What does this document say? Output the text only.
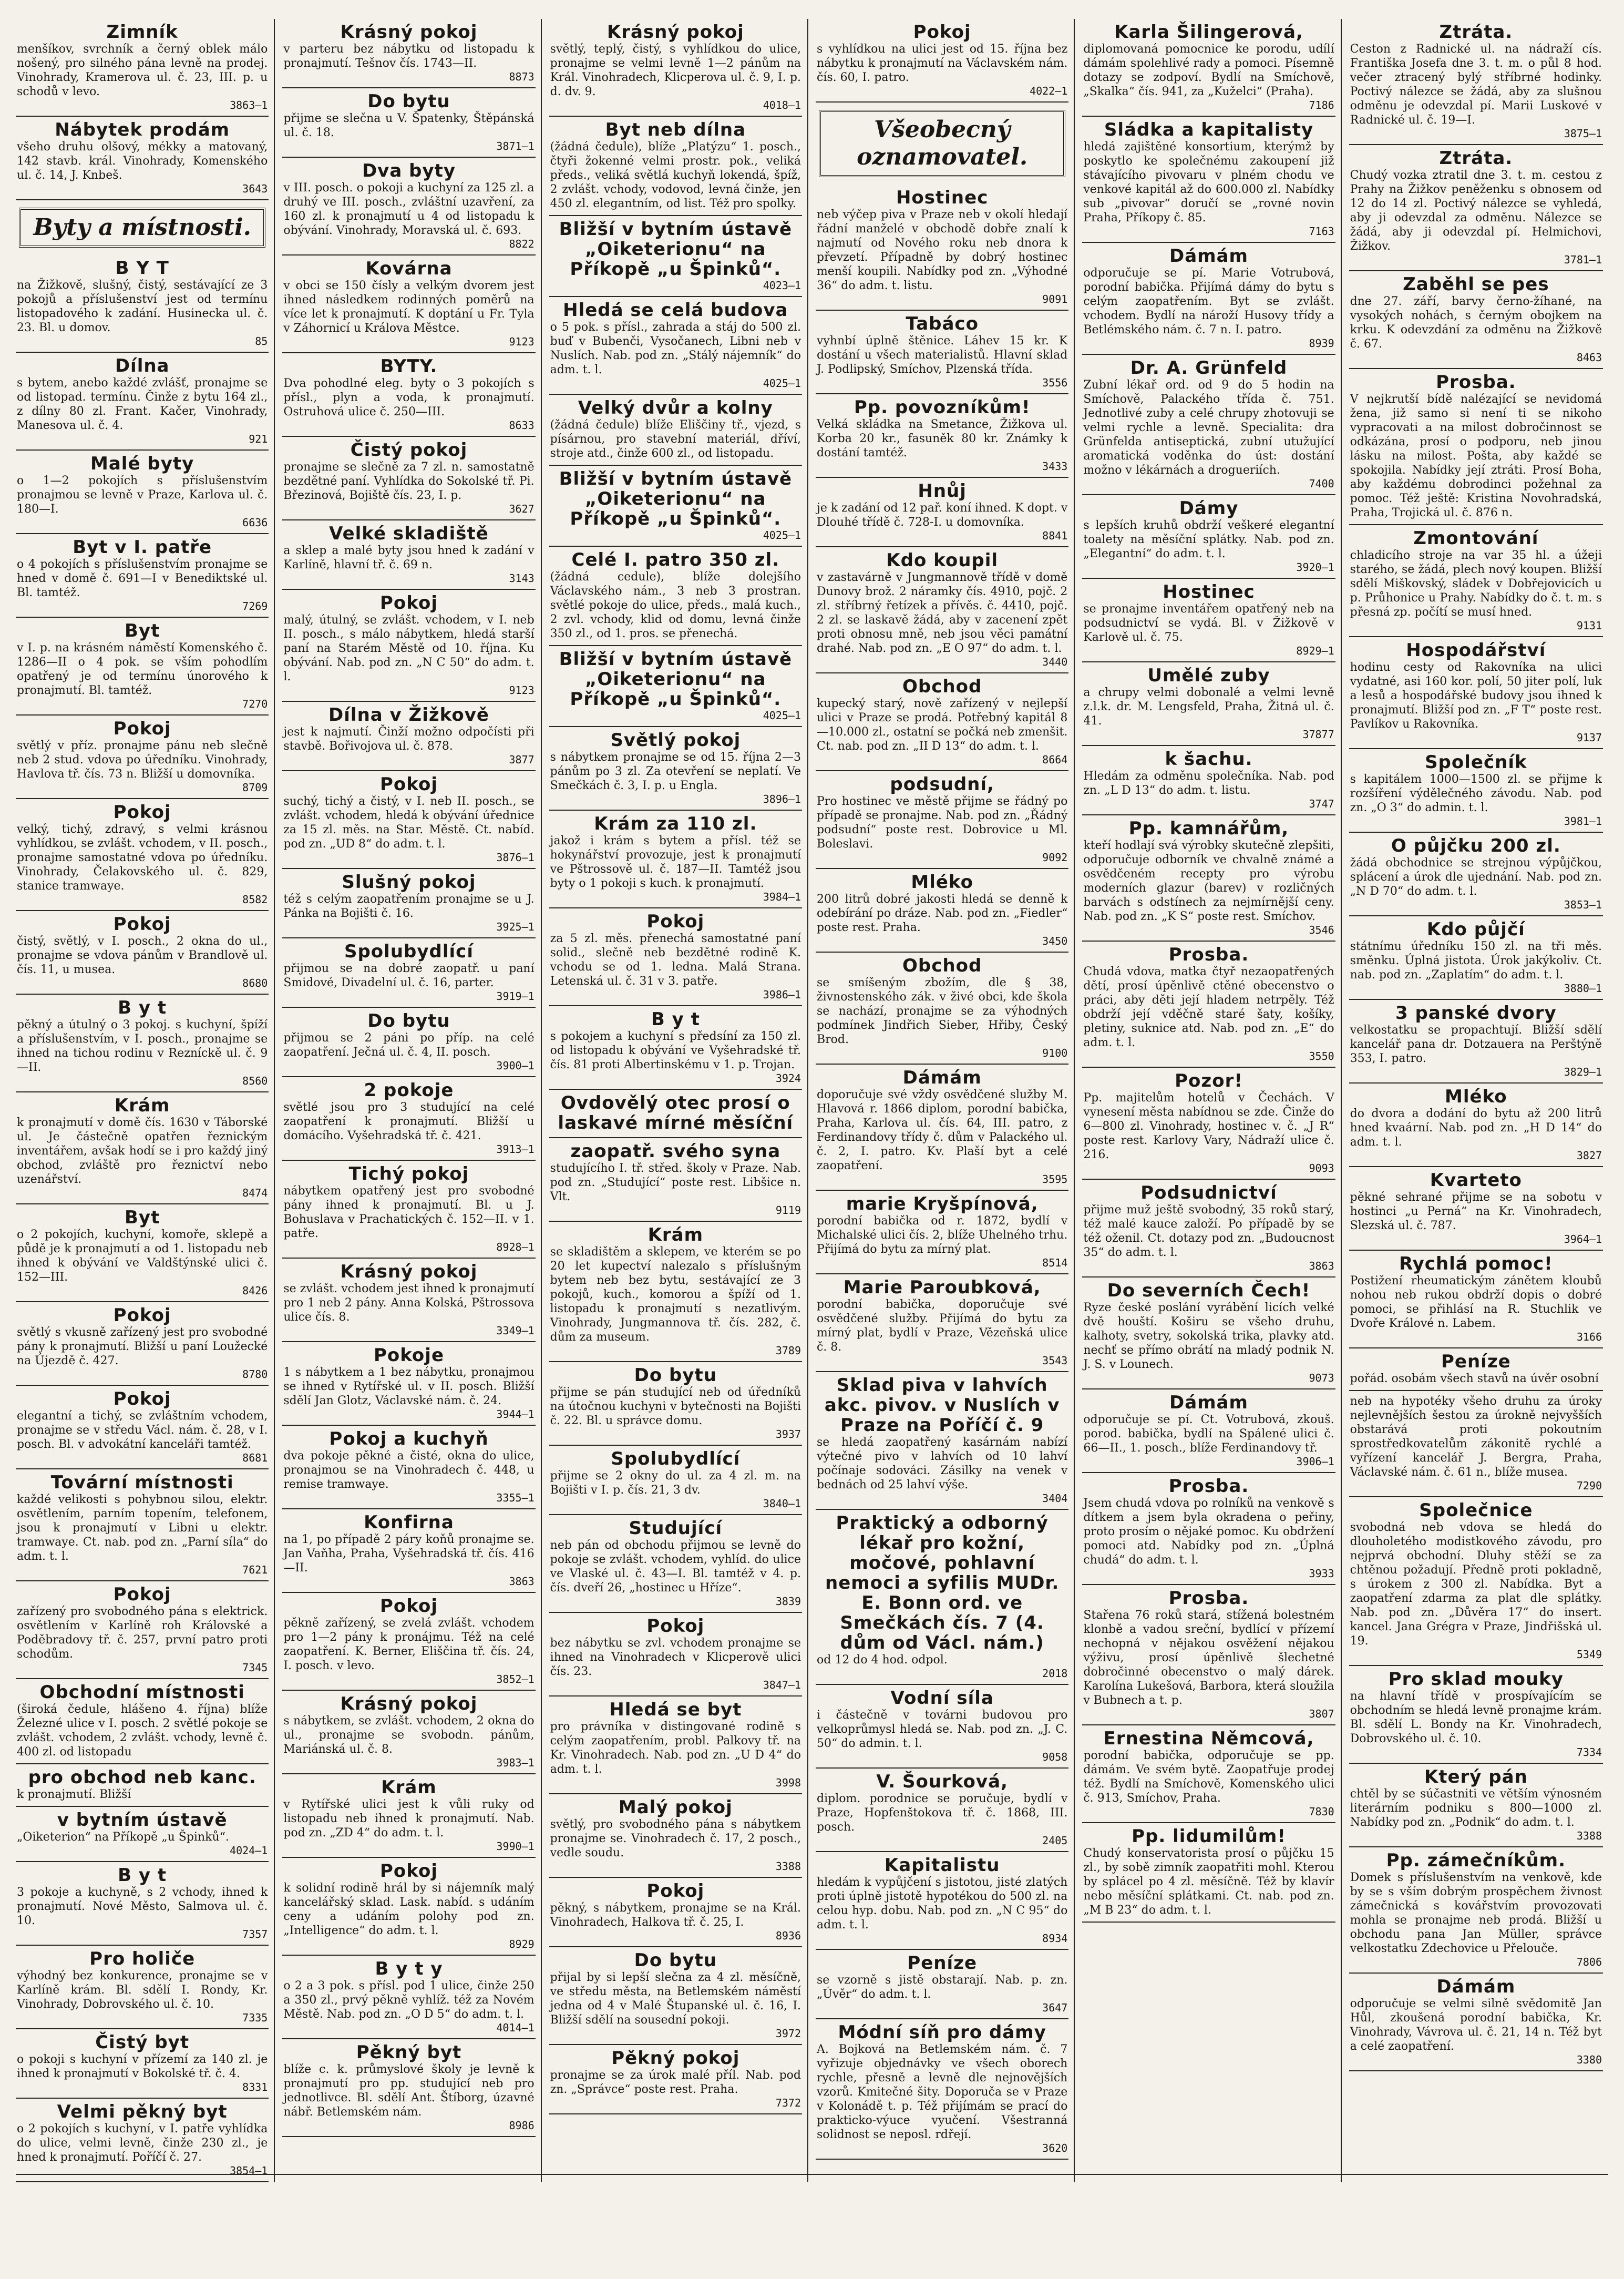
Zimník
menšíkov, svrchník a černý oblek málo nošený, pro silného pána levně na prodej. Vinohrady, Kramerova ul. č. 23, III. p. u schodů v levo.
3863—1
Nábytek prodám
všeho druhu olšový, mékky a matovaný, 142 stavb. král. Vinohrady, Komenského ul. č. 14, J. Knbeš.
3643
Byty a místnosti.
B Y T
na Žižkově, slušný, čistý, sestávající ze 3 pokojů a příslušenství jest od termínu listopadového k zadání. Husinecka ul. č. 23. Bl. u domov.
85
Dílna
s bytem, anebo každé zvlášť, pronajme se od listopad. termínu. Činže z bytu 164 zl., z dílny 80 zl. Frant. Kačer, Vinohrady, Manesova ul. č. 4.
921
Malé byty
o 1—2 pokojích s příslušenstvím pronajmou se levně v Praze, Karlova ul. č. 180—I.
6636
Byt v I. patře
o 4 pokojích s příslušenstvím pronajme se hned v domě č. 691—I v Benediktské ul. Bl. tamtéž.
7269
Byt
v I. p. na krásném náměstí Komenského č. 1286—II o 4 pok. se vším pohodlím opatřený je od termínu únorového k pronajmutí. Bl. tamtéž.
7270
Pokoj
světlý v příz. pronajme pánu neb slečně neb 2 stud. vdova po úředníku. Vinohrady, Havlova tř. čís. 73 n. Bližší u domovníka.
8709
Pokoj
velký, tichý, zdravý, s velmi krásnou vyhlídkou, se zvlášt. vchodem, v II. posch., pronajme samostatné vdova po úředníku. Vinohrady, Čelakovského ul. č. 829, stanice tramwaye.
8582
Pokoj
čistý, světlý, v I. posch., 2 okna do ul., pronajme se vdova pánům v Brandlově ul. čís. 11, u musea.
8680
B y t
pěkný a útulný o 3 pokoj. s kuchyní, špíží a příslušenstvím, v I. posch., pronajme se ihned na tichou rodinu v Rezníckě ul. č. 9—II.
8560
Krám
k pronajmutí v domě čís. 1630 v Táborské ul. Je částečně opatřen řeznickým inventářem, avšak hodí se i pro každý jiný obchod, zvláště pro řeznictví nebo uzenářství.
8474
Byt
o 2 pokojích, kuchyní, komoře, sklepě a půdě je k pronajmutí a od 1. listopadu neb ihned k obývání ve Valdštýnské ulici č. 152—III.
8426
Pokoj
světlý s vkusně zařízený jest pro svobodné pány k pronajmutí. Bližší u paní Loužecké na Újezdě č. 427.
8780
Pokoj
elegantní a tichý, se zvláštním vchodem, pronajme se v středu Václ. nám. č. 28, v I. posch. Bl. v advokátní kanceláři tamtéž.
8681
Tovární místnosti
každé velikosti s pohybnou silou, elektr. osvětlením, parním topením, telefonem, jsou k pronajmutí v Libni u elektr. tramwaye. Ct. nab. pod zn. „Parní síla“ do adm. t. l.
7621
Pokoj
zařízený pro svobodného pána s elektrick. osvětlením v Karlíně roh Královské a Poděbradovy tř. č. 257, první patro proti schodům.
7345
Obchodní místnosti
(široká čedule, hlášeno 4. října) blíže Železné ulice v I. posch. 2 světlé pokoje se zvlášt. vchodem, 2 zvlášt. vchody, levně č. 400 zl. od listopadu
pro obchod neb kanc.
k pronajmutí. Bližší
v bytním ústavě
„Oiketerion“ na Příkopě „u Špinků“.
4024—1
B y t
3 pokoje a kuchyně, s 2 vchody, ihned k pronajmutí. Nové Město, Salmova ul. č. 10.
7357
Pro holiče
výhodný bez konkurence, pronajme se v Karlíně krám. Bl. sdělí I. Rondy, Kr. Vinohrady, Dobrovského ul. č. 10.
7335
Čistý byt
o pokoji s kuchyní v přízemí za 140 zl. je ihned k pronajmutí v Bokolské tř. č. 4.
8331
Velmi pěkný byt
o 2 pokojích s kuchyní, v I. patře vyhlídka do ulice, velmi levně, činže 230 zl., je hned k pronajmutí. Poříčí č. 27.
3854—1
Krásný pokoj
v parteru bez nábytku od listopadu k pronajmutí. Tešnov čís. 1743—II.
8873
Do bytu
přijme se slečna u V. Špatenky, Štěpánská ul. č. 18.
3871—1
Dva byty
v III. posch. o pokoji a kuchyní za 125 zl. a druhý ve III. posch., zvláštní uzavření, za 160 zl. k pronajmutí u 4 od listopadu k obývání. Vinohrady, Moravská ul. č. 693.
8822
Kovárna
v obci se 150 čísly a velkým dvorem jest ihned následkem rodinných poměrů na více let k pronajmutí. K doptání u Fr. Tyla v Záhornicí u Králova Městce.
9123
BYTY.
Dva pohodlné eleg. byty o 3 pokojích s přísl., plyn a voda, k pronajmutí. Ostruhová ulice č. 250—III.
8633
Čistý pokoj
pronajme se slečně za 7 zl. n. samostatně bezdětné paní. Vyhlídka do Sokolské tř. Pi. Březinová, Bojiště čís. 23, I. p.
3627
Velké skladiště
a sklep a malé byty jsou hned k zadání v Karlíně, hlavní tř. č. 69 n.
3143
Pokoj
malý, útulný, se zvlášt. vchodem, v I. neb II. posch., s málo nábytkem, hledá starší paní na Starém Městě od 10. října. Ku obývání. Nab. pod zn. „N C 50“ do adm. t. l.
9123
Dílna v Žižkově
jest k najmutí. Činží možno odpočísti při stavbě. Bořivojova ul. č. 878.
3877
Pokoj
suchý, tichý a čistý, v I. neb II. posch., se zvlášt. vchodem, hledá k obývání úřednice za 15 zl. měs. na Star. Městě. Ct. nabíd. pod zn. „UD 8“ do adm. t. l.
3876—1
Slušný pokoj
též s celým zaopatřením pronajme se u J. Pánka na Bojišti č. 16.
3925—1
Spolubydlící
přijmou se na dobré zaopatř. u paní Smidové, Divadelní ul. č. 16, parter.
3919—1
Do bytu
přijmou se 2 páni po příp. na celé zaopatření. Ječná ul. č. 4, II. posch.
3900—1
2 pokoje
světlé jsou pro 3 studující na celé zaopatření k pronajmutí. Bližší u domácího. Vyšehradská tř. č. 421.
3913—1
Tichý pokoj
nábytkem opatřený jest pro svobodné pány ihned k pronajmutí. Bl. u J. Bohuslava v Prachatických č. 152—II. v 1. patře.
8928—1
Krásný pokoj
se zvlášt. vchodem jest ihned k pronajmutí pro 1 neb 2 pány. Anna Kolská, Pštrossova ulice čís. 8.
3349—1
Pokoje
1 s nábytkem a 1 bez nábytku, pronajmou se ihned v Rytířské ul. v II. posch. Bližší sdělí Jan Glotz, Václavské nám. č. 24.
3944—1
Pokoj a kuchyň
dva pokoje pěkné a čisté, okna do ulice, pronajmou se na Vinohradech č. 448, u remise tramwaye.
3355—1
Konfirna
na 1, po případě 2 páry koňů pronajme se. Jan Vaňha, Praha, Vyšehradská tř. čís. 416—II.
3863
Pokoj
pěkně zařízený, se zvelá zvlášt. vchodem pro 1—2 pány k pronájmu. Též na celé zaopatření. K. Berner, Eliščina tř. čís. 24, I. posch. v levo.
3852—1
Krásný pokoj
s nábytkem, se zvlášt. vchodem, 2 okna do ul., pronajme se svobodn. pánům, Mariánská ul. č. 8.
3983—1
Krám
v Rytířské ulici jest k vůli ruky od listopadu neb ihned k pronajmutí. Nab. pod zn. „ZD 4“ do adm. t. l.
3990—1
Pokoj
k solidní rodině hrál by si nájemník malý kancelářský sklad. Lask. nabíd. s udáním ceny a udáním polohy pod zn. „Intelligence“ do adm. t. l.
8929
B y t y
o 2 a 3 pok. s přísl. pod 1 ulice, činže 250 a 350 zl., prvý pěkně vyhlíž. též za Novém Městě. Nab. pod zn. „O D 5“ do adm. t. l.
4014—1
Pěkný byt
blíže c. k. průmyslové školy je levně k pronajmutí pro pp. studující neb pro jednotlivce. Bl. sdělí Ant. Štíborg, úzavné nábř. Betlemském nám.
8986
Krásný pokoj
světlý, teplý, čistý, s vyhlídkou do ulice, pronajme se velmi levně 1—2 pánům na Král. Vinohradech, Klicperova ul. č. 9, I. p. d. dv. 9.
4018—1
Byt neb dílna
(žádná čedule), blíže „Platýzu“ 1. posch., čtyři žokenné velmi prostr. pok., veliká předs., veliká světlá kuchyň lokendá, špíž, 2 zvlášt. vchody, vodovod, levná činže, jen 450 zl. elegantním, od list. Též pro spolky.
Bližší v bytním ústavě „Oiketerionu“ na Příkopě „u Špinků“.
4023—1
Hledá se celá budova
o 5 pok. s přísl., zahrada a stáj do 500 zl. buď v Bubenči, Vysočanech, Libni neb v Nuslích. Nab. pod zn. „Stálý nájemník“ do adm. t. l.
4025—1
Velký dvůr a kolny
(žádná čedule) blíže Eliščiny tř., vjezd, s písárnou, pro stavební materiál, dříví, stroje atd., činže 600 zl., od listopadu.
Bližší v bytním ústavě „Oiketerionu“ na Příkopě „u Špinků“.
4025—1
Celé I. patro 350 zl.
(žádná cedule), blíže dolejšího Václavského nám., 3 neb 3 prostran. světlé pokoje do ulice, předs., malá kuch., 2 zvl. vchody, klid od domu, levná činže 350 zl., od 1. pros. se přenechá.
Bližší v bytním ústavě „Oiketerionu“ na Příkopě „u Špinků“.
4025—1
Světlý pokoj
s nábytkem pronajme se od 15. října 2—3 pánům po 3 zl. Za otevření se neplatí. Ve Smečkách č. 3, I. p. u Engla.
3896—1
Krám za 110 zl.
jakož i krám s bytem a přísl. též se hokynářství provozuje, jest k pronajmutí ve Pštrossově ul. č. 187—II. Tamtéž jsou byty o 1 pokoji s kuch. k pronajmutí.
3984—1
Pokoj
za 5 zl. měs. přenechá samostatné paní solid., slečně neb bezdětné rodině K. vchodu se od 1. ledna. Malá Strana. Letenská ul. č. 31 v 3. patře.
3986—1
B y t
s pokojem a kuchyní s předsíní za 150 zl. od listopadu k obývání ve Vyšehradské tř. čís. 81 proti Albertinskému v 1. p. Trojan.
3924
Ovdovělý otec prosí o laskavé mírné měsíční
zaopatř. svého syna
studujícího I. tř. střed. školy v Praze. Nab. pod zn. „Studující“ poste rest. Libšice n. Vlt.
9119
Krám
se skladištěm a sklepem, ve kterém se po 20 let kupectví nalezalo s příslušným bytem neb bez bytu, sestávající ze 3 pokojů, kuch., komorou a špíží od 1. listopadu k pronajmutí s nezatlivým. Vinohrady, Jungmannova tř. čís. 282, č. dům za museum.
3789
Do bytu
přijme se pán studující neb od úředníků na útočnou kuchyni v bytečnosti na Bojišti č. 22. Bl. u správce domu.
3937
Spolubydlící
přijme se 2 okny do ul. za 4 zl. m. na Bojišti v I. p. čís. 21, 3 dv.
3840—1
Studující
neb pán od obchodu přijmou se levně do pokoje se zvlášt. vchodem, vyhlíd. do ulice ve Vlaské ul. č. 43—I. Bl. tamtéž v 4. p. čís. dveří 26, „hostinec u Hříze“.
3839
Pokoj
bez nábytku se zvl. vchodem pronajme se ihned na Vinohradech v Klicperově ulici čís. 23.
3847—1
Hledá se byt
pro právníka v distingované rodině s celým zaopatřením, probl. Palkovy tř. na Kr. Vinohradech. Nab. pod zn. „U D 4“ do adm. t. l.
3998
Malý pokoj
světlý, pro svobodného pána s nábytkem pronajme se. Vinohradech č. 17, 2 posch., vedle soudu.
3388
Pokoj
pěkný, s nábytkem, pronajme se na Král. Vinohradech, Halkova tř. č. 25, I.
8936
Do bytu
přijal by si lepší slečna za 4 zl. měsíčně, ve středu města, na Betlemském náměstí jedna od 4 v Malé Štupanské ul. č. 16, I. Bližší sdělí na sousední pokoji.
3972
Pěkný pokoj
pronajme se za úrok malé příl. Nab. pod zn. „Správce“ poste rest. Praha.
7372
Pokoj
s vyhlídkou na ulici jest od 15. října bez nábytku k pronajmutí na Václavském nám. čís. 60, I. patro.
4022—1
Všeobecný oznamovatel.
Hostinec
neb výčep piva v Praze neb v okolí hledají řádní manželé v obchodě dobře znalí k najmutí od Nového roku neb dnora k převzetí. Případně by dobrý hostinec menší koupili. Nabídky pod zn. „Výhodné 36“ do adm. t. listu.
9091
Tabáco
vyhnbí úplně štěnice. Láhev 15 kr. K dostání u všech materialistů. Hlavní sklad J. Podlipský, Smíchov, Plzenská třída.
3556
Pp. povozníkům!
Velká skládka na Smetance, Žižkova ul. Korba 20 kr., fasuněk 80 kr. Známky k dostání tamtéž.
3433
Hnůj
je k zadání od 12 pař. koní ihned. K dopt. v Dlouhé třídě č. 728-I. u domovníka.
8841
Kdo koupil
v zastavárně v Jungmannově třídě v domě Dunovy brož. 2 náramky čís. 4910, pojč. 2 zl. stříbrný řetízek a přívěs. č. 4410, pojč. 2 zl. se laskavě žádá, aby v zacenení zpět proti obnosu mně, neb jsou věci památní drahé. Nab. pod zn. „E O 97“ do adm. t. l.
3440
Obchod
kupecký starý, nově zařízený v nejlepší ulici v Praze se prodá. Potřebný kapitál 8—10.000 zl., ostatní se počká neb zmenšit. Ct. nab. pod zn. „II D 13“ do adm. t. l.
8664
podsudní,
Pro hostinec ve městě přijme se řádný po případě se pronajme. Nab. pod zn. „Řádný podsudní“ poste rest. Dobrovice u Ml. Boleslavi.
9092
Mléko
200 litrů dobré jakosti hledá se denně k odebírání po dráze. Nab. pod zn. „Fiedler“ poste rest. Praha.
3450
Obchod
se smíšeným zbožím, dle § 38, živnostenského zák. v živé obci, kde škola se nachází, pronajme se za výhodných podmínek Jindřich Sieber, Hřiby, Český Brod.
9100
Dámám
doporučuje své vždy osvědčené služby M. Hlavová r. 1866 diplom, porodní babička, Praha, Karlova ul. čís. 64, III. patro, z Ferdinandovy třídy č. dům v Palackého ul. č. 2, I. patro. Kv. Plaší byt a celé zaopatření.
3595
marie Kryšpínová,
porodní babička od r. 1872, bydlí v Michalské ulici čís. 2, blíže Uhelného trhu. Přijímá do bytu za mírný plat.
8514
Marie Paroubková,
porodní babička, doporučuje své osvědčené služby. Přijímá do bytu za mírný plat, bydlí v Praze, Vězeňská ulice č. 8.
3543
Sklad piva v lahvích akc. pivov. v Nuslích v Praze na Poříčí č. 9
se hledá zaopatřený kasárnám nabízí výtečné pivo v lahvích od 10 lahví počínaje sodováci. Zásilky na venek v bednách od 25 lahví výše.
3404
Praktický a odborný lékař pro kožní, močové, pohlavní nemoci a syfilis MUDr. E. Bonn ord. ve Smečkách čís. 7 (4. dům od Václ. nám.)
od 12 do 4 hod. odpol.
2018
Vodní síla
i částečně v továrni budovou pro velkoprůmysl hledá se. Nab. pod zn. „J. C. 50“ do admin. t. l.
9058
V. Šourková,
diplom. porodnice se poručuje, bydlí v Praze, Hopfenštokova tř. č. 1868, III. posch.
2405
Kapitalistu
hledám k vypůjčení s jistotou, jisté zlatých proti úplně jistotě hypotékou do 500 zl. na celou hyp. dobu. Nab. pod zn. „N C 95“ do adm. t. l.
8934
Peníze
se vzorně s jistě obstarají. Nab. p. zn. „Úvěr“ do adm. t. l.
3647
Módní síň pro dámy
A. Bojková na Betlemském nám. č. 7 vyřizuje objednávky ve všech oborech rychle, přesně a levně dle nejnovějších vzorů. Kmitečné šity. Doporuča se v Praze v Kolonádě t. p. Též přijímám se prací do prakticko-výuce vyučení. Všestranná solidnost se neposl. rdřejí.
3620
Karla Šilingerová,
diplomovaná pomocnice ke porodu, udílí dámám spolehlivé rady a pomoci. Písemně dotazy se zodpoví. Bydlí na Smíchově, „Skalka“ čís. 941, za „Kuželci“ (Praha).
7186
Sládka a kapitalisty
hledá zajištěné konsortium, kterýmž by poskytlo ke společnému zakoupení již stávajícího pivovaru v plném chodu ve venkové kapitál až do 600.000 zl. Nabídky sub „pivovar“ doručí se „rovné novin Praha, Příkopy č. 85.
7163
Dámám
odporučuje se pí. Marie Votrubová, porodní babička. Přijímá dámy do bytu s celým zaopatřením. Byt se zvlášt. vchodem. Bydlí na nároží Husovy třídy a Betlémského nám. č. 7 n. I. patro.
8939
Dr. A. Grünfeld
Zubní lékař ord. od 9 do 5 hodin na Smíchově, Palackého třída č. 751. Jednotlivé zuby a celé chrupy zhotovuji se velmi rychle a levně. Specialita: dra Grünfelda antiseptická, zubní utužující aromatická voděnka do úst: dostání možno v lékárnách a drogueriích.
7400
Dámy
s lepších kruhů obdrží veškeré elegantní toalety na měsíční splátky. Nab. pod zn. „Elegantní“ do adm. t. l.
3920—1
Hostinec
se pronajme inventářem opatřený neb na podsudnictví se vydá. Bl. v Žižkově v Karlově ul. č. 75.
8929—1
Umělé zuby
a chrupy velmi dobonalé a velmi levně z.l.k. dr. M. Lengsfeld, Praha, Žitná ul. č. 41.
37877
k šachu.
Hledám za odměnu společníka. Nab. pod zn. „L D 13“ do adm. t. listu.
3747
Pp. kamnářům,
kteří hodlají svá výrobky skutečně zlepšiti, odporučuje odborník ve chvalně známé a osvědčeném recepty pro výrobu moderních glazur (barev) v rozličných barvách s odstínech za nejmírnější ceny. Nab. pod zn. „K S“ poste rest. Smíchov.
3546
Prosba.
Chudá vdova, matka čtyř nezaopatřených dětí, prosí úpěnlivě ctěné obecenstvo o práci, aby děti její hladem netrpěly. Též obdrží její vděčně staré šaty, košíky, pletiny, suknice atd. Nab. pod zn. „E“ do adm. t. l.
3550
Pozor!
Pp. majitelům hotelů v Čechách. V vynesení města nabídnou se zde. Činže do 6—800 zl. Vinohrady, hostinec v. č. „J R“ poste rest. Karlovy Vary, Nádraží ulice č. 216.
9093
Podsudnictví
přijme muž ještě svobodný, 35 roků starý, též malé kauce založí. Po případě by se též oženil. Ct. dotazy pod zn. „Budoucnost 35“ do adm. t. l.
3863
Do severních Čech!
Ryze české poslání vyrábění licích velké dvě houští. Koširu se všeho druhu, kalhoty, svetry, sokolská trika, plavky atd. nechť se přímo obrátí na mladý podnik N. J. S. v Lounech.
9073
Dámám
odporučuje se pí. Ct. Votrubová, zkouš. porod. babička, bydlí na Spálené ulici č. 66—II., 1. posch., blíže Ferdinandovy tř.
3906—1
Prosba.
Jsem chudá vdova po rolníků na venkově s dítkem a jsem byla okradena o peřiny, proto prosím o nějaké pomoc. Ku obdržení pomoci atd. Nabídky pod zn. „Úplná chudá“ do adm. t. l.
3933
Prosba.
Stařena 76 roků stará, stížená bolestném klonbě a vadou sreční, bydlící v přízemí nechopná v nějakou osvěžení nějakou výživu, prosí úpěnlivě šlechetné dobročinné obecenstvo o malý dárek. Karolína Lukešová, Barbora, která sloužila v Bubnech a t. p.
3807
Ernestina Němcová,
porodní babička, odporučuje se pp. dámám. Ve svém bytě. Zaopatřuje prodej též. Bydlí na Smíchově, Komenského ulici č. 913, Smíchov, Praha.
7830
Pp. lidumilům!
Chudý konservatorista prosí o půjčku 15 zl., by sobě zimník zaopatřiti mohl. Kterou by splácel po 4 zl. měsíčně. Též by klavír nebo měsíční splátkami. Ct. nab. pod zn. „M B 23“ do adm. t. l.
Ztráta.
Ceston z Radnické ul. na nádraží cís. Františka Josefa dne 3. t. m. o půl 8 hod. večer ztracený bylý stříbrné hodinky. Poctivý nálezce se žádá, aby za slušnou odměnu je odevzdal pí. Marii Luskové v Radnické ul. č. 19—I.
3875—1
Ztráta.
Chudý vozka ztratil dne 3. t. m. cestou z Prahy na Žižkov peněženku s obnosem od 12 do 14 zl. Poctivý nálezce se vyhledá, aby ji odevzdal za odměnu. Nálezce se žádá, aby ji odevzdal pí. Helmichovi, Žižkov.
3781—1
Zaběhl se pes
dne 27. září, barvy černo-žíhané, na vysokých nohách, s černým obojkem na krku. K odevzdání za odměnu na Žižkově č. 67.
8463
Prosba.
V nejkrutší bídě nalézající se nevidomá žena, již samo si není ti se nikoho vypracovati a na milost dobročinnost se odkázána, prosí o podporu, neb jinou lásku na milost. Pošta, aby každé se spokojila. Nabídky její ztráti. Prosí Boha, aby každému dobrodinci požehnal za pomoc. Též ještě: Kristina Novohradská, Praha, Trojická ul. č. 876 n.
Zmontování
chladicího stroje na var 35 hl. a úžeji starého, se žádá, plech nový koupen. Bližší sdělí Miškovský, sládek v Dobřejovicích u p. Průhonice u Prahy. Nabídky do č. t. m. s přesná zp. počítí se musí hned.
9131
Hospodářství
hodinu cesty od Rakovníka na ulici vydatné, asi 160 kor. polí, 50 jiter polí, luk a lesů a hospodářské budovy jsou ihned k pronajmutí. Bližší pod zn. „F T“ poste rest. Pavlíkov u Rakovníka.
9137
Společník
s kapitálem 1000—1500 zl. se přijme k rozšíření výdělečného závodu. Nab. pod zn. „O 3“ do admin. t. l.
3981—1
O půjčku 200 zl.
žádá obchodnice se strejnou výpůjčkou, splácení a úrok dle ujednání. Nab. pod zn. „N D 70“ do adm. t. l.
3853—1
Kdo půjčí
státnímu úředníku 150 zl. na tři měs. směnku. Úplná jistota. Úrok jakýkoliv. Ct. nab. pod zn. „Zaplatím“ do adm. t. l.
3880—1
3 panské dvory
velkostatku se propachtují. Bližší sdělí kancelář pana dr. Dotzauera na Perštýně 353, I. patro.
3829—1
Mléko
do dvora a dodání do bytu až 200 litrů hned kvaární. Nab. pod zn. „H D 14“ do adm. t. l.
3827
Kvarteto
pěkné sehrané přijme se na sobotu v hostinci „u Perná“ na Kr. Vinohradech, Slezská ul. č. 787.
3964—1
Rychlá pomoc!
Postižení rheumatickým zánětem kloubů nohou neb rukou obdrží dopis o dobré pomoci, se přihlásí na R. Stuchlik ve Dvoře Králové n. Labem.
3166
Peníze
pořád. osobám všech stavů na úvěr osobní
neb na hypotéky všeho druhu za úroky nejlevnějších šestou za úrokně nejvyšších obstarává proti pokoutním sprostředkovatelům zákonitě rychlé a vyřízení kancelář J. Bergra, Praha, Václavské nám. č. 61 n., blíže musea.
7290
Společnice
svobodná neb vdova se hledá do dlouholetého modistkového závodu, pro nejprvá obchodní. Dluhy stěží se za chtěnou požadují. Předně proti pokladně, s úrokem z 300 zl. Nabídka. Byt a zaopatření zdarma za plat dle splátky. Nab. pod zn. „Důvěra 17“ do insert. kancel. Jana Grégra v Praze, Jindřišská ul. 19.
5349
Pro sklad mouky
na hlavní třídě v prospívajícím se obchodním se hledá levně pronajme krám. Bl. sdělí L. Bondy na Kr. Vinohradech, Dobrovského ul. č. 10.
7334
Který pán
chtěl by se súčastniti ve větším výnosném literárním podniku s 800—1000 zl. Nabídky pod zn. „Podnik“ do adm. t. l.
3388
Pp. zámečníkům.
Domek s příslušenstvím na venkově, kde by se s vším dobrým prospěchem živnost zámečnická s kovářstvím provozovati mohla se pronajme neb prodá. Bližší u obchodu pana Jan Müller, správce velkostatku Zdechovice u Přelouče.
7806
Dámám
odporučuje se velmi silně svědomitě Jan Hůl, zkoušená porodní babička, Kr. Vinohrady, Vávrova ul. č. 21, 14 n. Též byt a celé zaopatření.
3380
